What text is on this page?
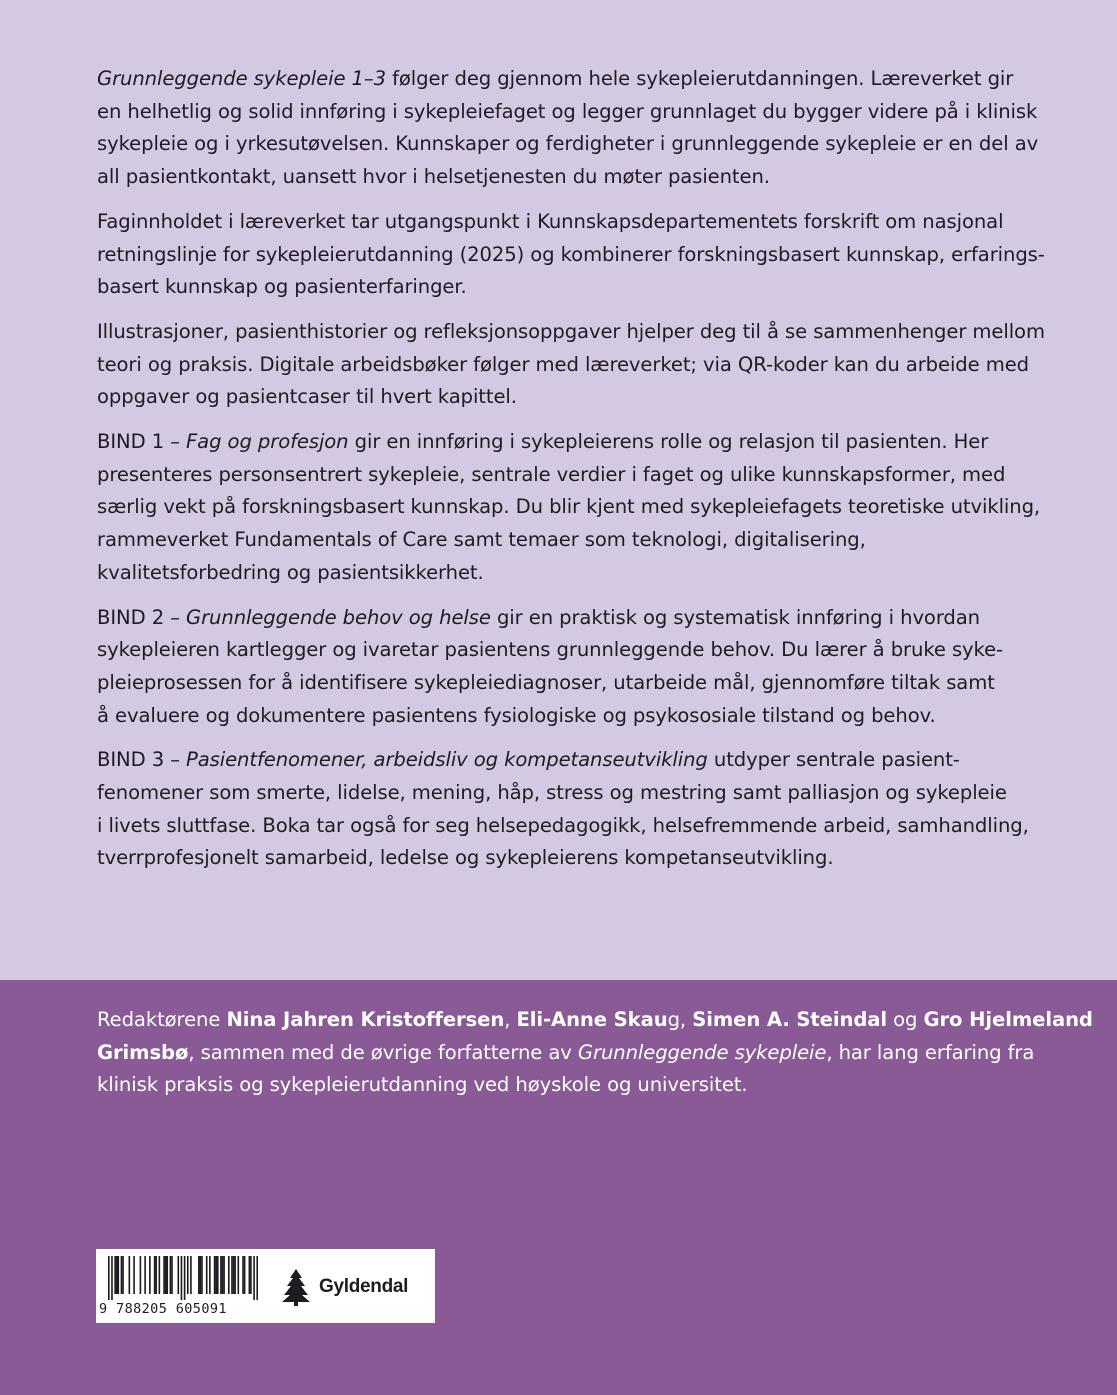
Grunnleggende sykepleie 1–3 følger deg gjennom hele sykepleierutdanningen. Læreverket gir
en helhetlig og solid innføring i sykepleiefaget og legger grunnlaget du bygger videre på i klinisk
sykepleie og i yrkesutøvelsen. Kunnskaper og ferdigheter i grunnleggende sykepleie er en del av
all pasientkontakt, uansett hvor i helsetjenesten du møter pasienten.
Faginnholdet i læreverket tar utgangspunkt i Kunnskapsdepartementets forskrift om nasjonal
retningslinje for sykepleierutdanning (2025) og kombinerer forskningsbasert kunnskap, erfarings-
basert kunnskap og pasienterfaringer.
Illustrasjoner, pasienthistorier og refleksjonsoppgaver hjelper deg til å se sammenhenger mellom
teori og praksis. Digitale arbeidsbøker følger med læreverket; via QR-koder kan du arbeide med
oppgaver og pasientcaser til hvert kapittel.
BIND 1 – Fag og profesjon gir en innføring i sykepleierens rolle og relasjon til pasienten. Her
presenteres personsentrert sykepleie, sentrale verdier i faget og ulike kunnskapsformer, med
særlig vekt på forskningsbasert kunnskap. Du blir kjent med sykepleiefagets teoretiske utvikling,
rammeverket Fundamentals of Care samt temaer som teknologi, digitalisering,
kvalitetsforbedring og pasientsikkerhet.
BIND 2 – Grunnleggende behov og helse gir en praktisk og systematisk innføring i hvordan
sykepleieren kartlegger og ivaretar pasientens grunnleggende behov. Du lærer å bruke syke-
pleieprosessen for å identifisere sykepleiediagnoser, utarbeide mål, gjennomføre tiltak samt
å evaluere og dokumentere pasientens fysiologiske og psykososiale tilstand og behov.
BIND 3 – Pasientfenomener, arbeidsliv og kompetanseutvikling utdyper sentrale pasient-
fenomener som smerte, lidelse, mening, håp, stress og mestring samt palliasjon og sykepleie
i livets sluttfase. Boka tar også for seg helsepedagogikk, helsefremmende arbeid, samhandling,
tverrprofesjonelt samarbeid, ledelse og sykepleierens kompetanseutvikling.
Redaktørene Nina Jahren Kristoffersen, Eli-Anne Skaug, Simen A. Steindal og Gro Hjelmeland
Grimsbø, sammen med de øvrige forfatterne av Grunnleggende sykepleie, har lang erfaring fra
klinisk praksis og sykepleierutdanning ved høyskole og universitet.
9 788205 605091
Gyldendal
